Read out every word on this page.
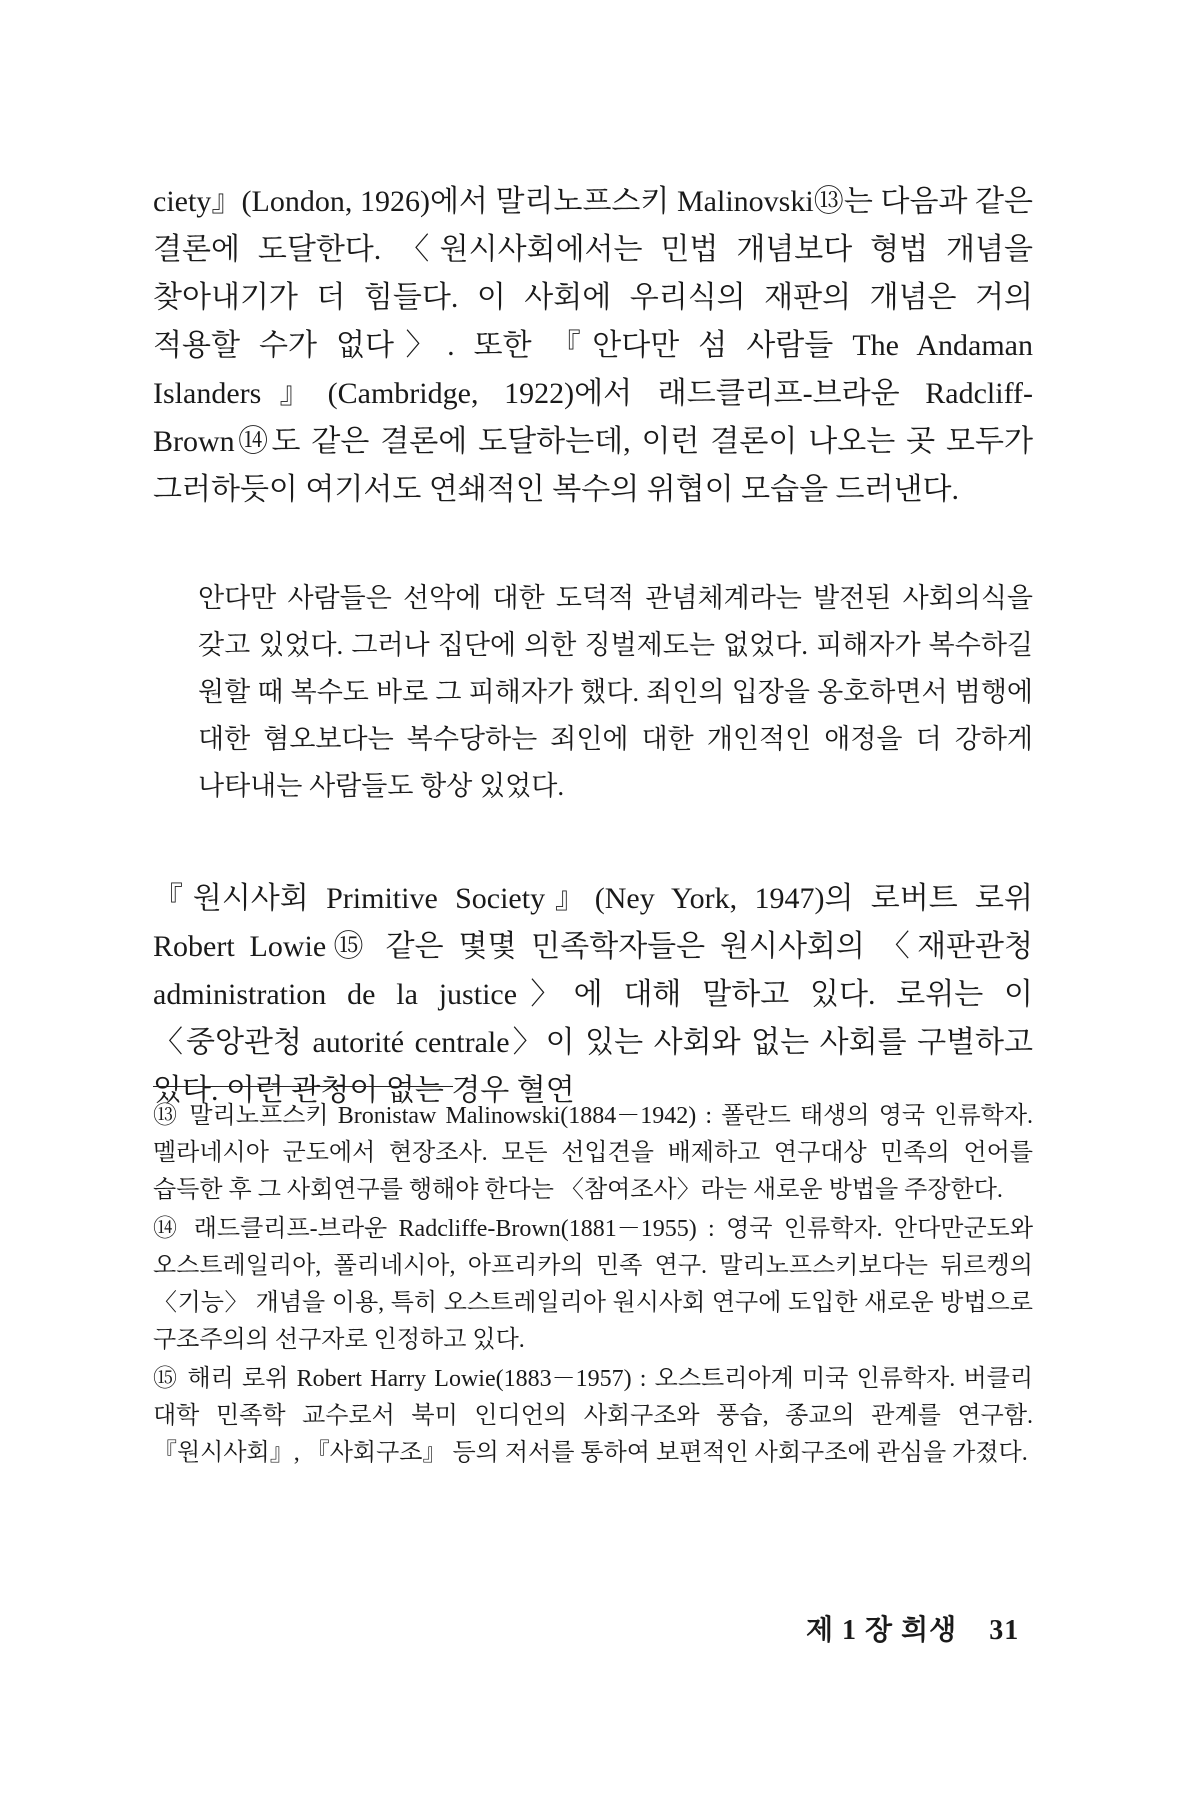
ciety』(London, 1926)에서 말리노프스키 Malinovski⑬는 다음과 같은 결론에 도달한다. 〈원시사회에서는 민법 개념보다 형법 개념을 찾아내기가 더 힘들다. 이 사회에 우리식의 재판의 개념은 거의 적용할 수가 없다〉. 또한 『안다만 섬 사람들 The Andaman Islanders』(Cambridge, 1922)에서 래드클리프-브라운 Radcliff-Brown⑭도 같은 결론에 도달하는데, 이런 결론이 나오는 곳 모두가 그러하듯이 여기서도 연쇄적인 복수의 위협이 모습을 드러낸다.

안다만 사람들은 선악에 대한 도덕적 관념체계라는 발전된 사회의식을 갖고 있었다. 그러나 집단에 의한 징벌제도는 없었다. 피해자가 복수하길 원할 때 복수도 바로 그 피해자가 했다. 죄인의 입장을 옹호하면서 범행에 대한 혐오보다는 복수당하는 죄인에 대한 개인적인 애정을 더 강하게 나타내는 사람들도 항상 있었다.

『원시사회 Primitive Society』(Ney York, 1947)의 로버트 로위 Robert Lowie⑮ 같은 몇몇 민족학자들은 원시사회의 〈재판관청 administration de la justice〉에 대해 말하고 있다. 로위는 이 〈중앙관청 autorité centrale〉이 있는 사회와 없는 사회를 구별하고 있다. 이런 관청이 없는 경우 혈연

⑬ 말리노프스키 Bronistaw Malinowski(1884－1942) : 폴란드 태생의 영국 인류학자. 멜라네시아 군도에서 현장조사. 모든 선입견을 배제하고 연구대상 민족의 언어를 습득한 후 그 사회연구를 행해야 한다는 〈참여조사〉라는 새로운 방법을 주장한다.

⑭ 래드클리프-브라운 Radcliffe-Brown(1881－1955) : 영국 인류학자. 안다만군도와 오스트레일리아, 폴리네시아, 아프리카의 민족 연구. 말리노프스키보다는 뒤르켕의 〈기능〉 개념을 이용, 특히 오스트레일리아 원시사회 연구에 도입한 새로운 방법으로 구조주의의 선구자로 인정하고 있다.

⑮ 해리 로위 Robert Harry Lowie(1883－1957) : 오스트리아계 미국 인류학자. 버클리 대학 민족학 교수로서 북미 인디언의 사회구조와 풍습, 종교의 관계를 연구함. 『원시사회』, 『사회구조』 등의 저서를 통하여 보편적인 사회구조에 관심을 가졌다.

제 1 장 희생 31
